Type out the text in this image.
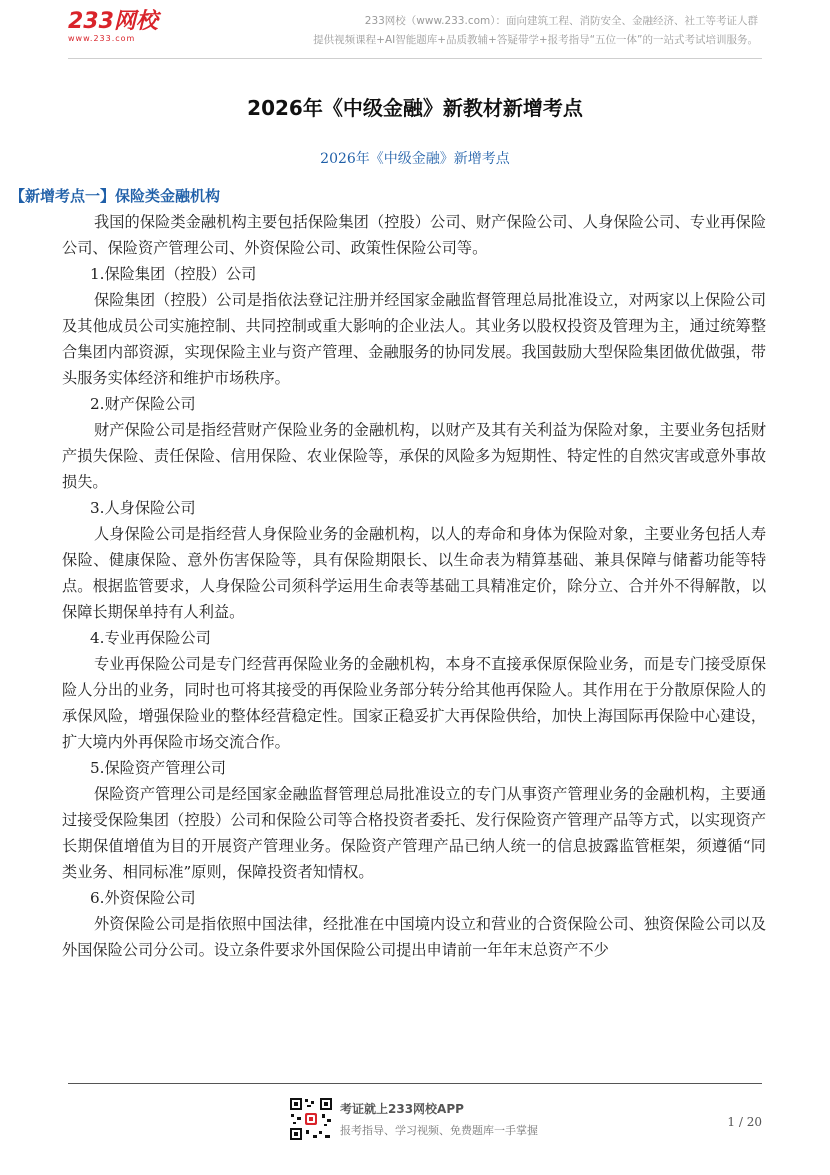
233网校
www.233.com
233网校（www.233.com）：面向建筑工程、消防安全、金融经济、社工等考证人群
提供视频课程+AI智能题库+品质教辅+答疑带学+报考指导“五位一体”的一站式考试培训服务。
2026年《中级金融》新教材新增考点
2026年《中级金融》新增考点
【新增考点一】保险类金融机构

我国的保险类金融机构主要包括保险集团（控股）公司、财产保险公司、人身保险公司、专业再保险公司、保险资产管理公司、外资保险公司、政策性保险公司等。

1.保险集团（控股）公司

保险集团（控股）公司是指依法登记注册并经国家金融监督管理总局批准设立，对两家以上保险公司及其他成员公司实施控制、共同控制或重大影响的企业法人。其业务以股权投资及管理为主，通过统筹整合集团内部资源，实现保险主业与资产管理、金融服务的协同发展。我国鼓励大型保险集团做优做强，带头服务实体经济和维护市场秩序。

2.财产保险公司

财产保险公司是指经营财产保险业务的金融机构，以财产及其有关利益为保险对象，主要业务包括财产损失保险、责任保险、信用保险、农业保险等，承保的风险多为短期性、特定性的自然灾害或意外事故损失。

3.人身保险公司

人身保险公司是指经营人身保险业务的金融机构，以人的寿命和身体为保险对象，主要业务包括人寿保险、健康保险、意外伤害保险等，具有保险期限长、以生命表为精算基础、兼具保障与储蓄功能等特点。根据监管要求，人身保险公司须科学运用生命表等基础工具精准定价，除分立、合并外不得解散，以保障长期保单持有人利益。

4.专业再保险公司

专业再保险公司是专门经营再保险业务的金融机构，本身不直接承保原保险业务，而是专门接受原保险人分出的业务，同时也可将其接受的再保险业务部分转分给其他再保险人。其作用在于分散原保险人的承保风险，增强保险业的整体经营稳定性。国家正稳妥扩大再保险供给，加快上海国际再保险中心建设，扩大境内外再保险市场交流合作。

5.保险资产管理公司

保险资产管理公司是经国家金融监督管理总局批准设立的专门从事资产管理业务的金融机构，主要通过接受保险集团（控股）公司和保险公司等合格投资者委托、发行保险资产管理产品等方式，以实现资产长期保值增值为目的开展资产管理业务。保险资产管理产品已纳人统一的信息披露监管框架，须遵循“同类业务、相同标准”原则，保障投资者知情权。

6.外资保险公司

外资保险公司是指依照中国法律，经批准在中国境内设立和营业的合资保险公司、独资保险公司以及外国保险公司分公司。设立条件要求外国保险公司提出申请前一年年末总资产不少

考证就上233网校APP
报考指导、学习视频、免费题库一手掌握
1 / 20
